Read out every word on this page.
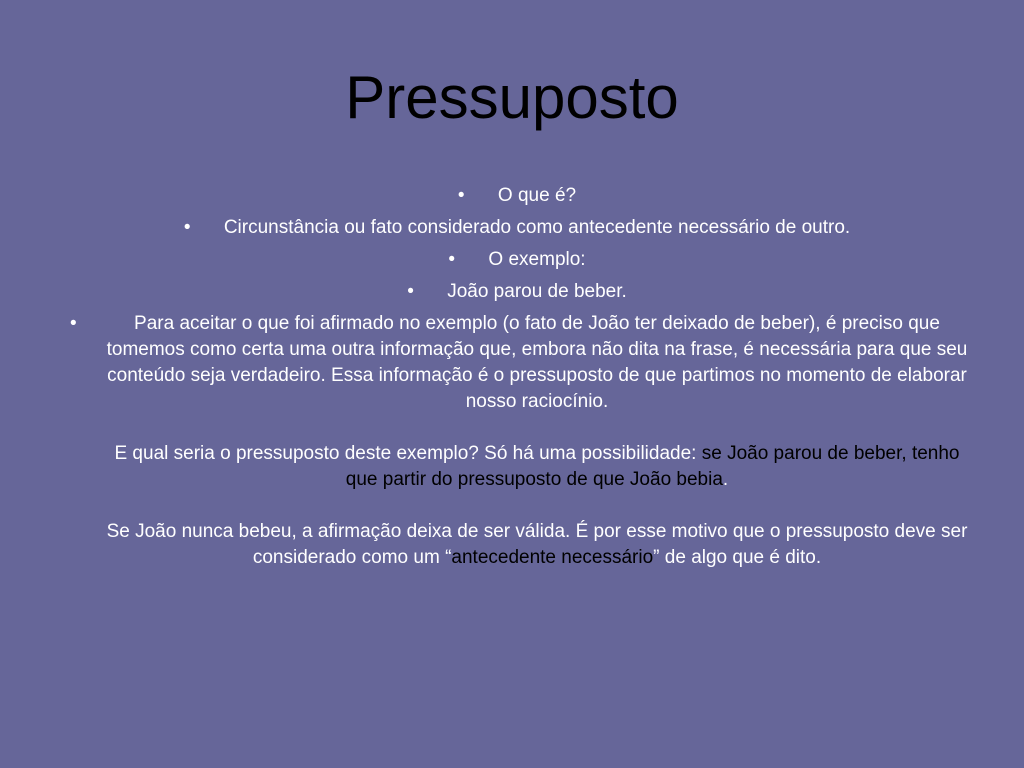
Pressuposto
• O que é?
• Circunstância ou fato considerado como antecedente necessário de outro.
• O exemplo:
• João parou de beber.
•	Para aceitar o que foi afirmado no exemplo (o fato de João ter deixado de beber), é preciso que tomemos como certa uma outra informação que, embora não dita na frase, é necessária para que seu conteúdo seja verdadeiro. Essa informação é o pressuposto de que partimos no momento de elaborar nosso raciocínio.

E qual seria o pressuposto deste exemplo? Só há uma possibilidade: se João parou de beber, tenho que partir do pressuposto de que João bebia.

Se João nunca bebeu, a afirmação deixa de ser válida. É por esse motivo que o pressuposto deve ser considerado como um “antecedente necessário” de algo que é dito.
